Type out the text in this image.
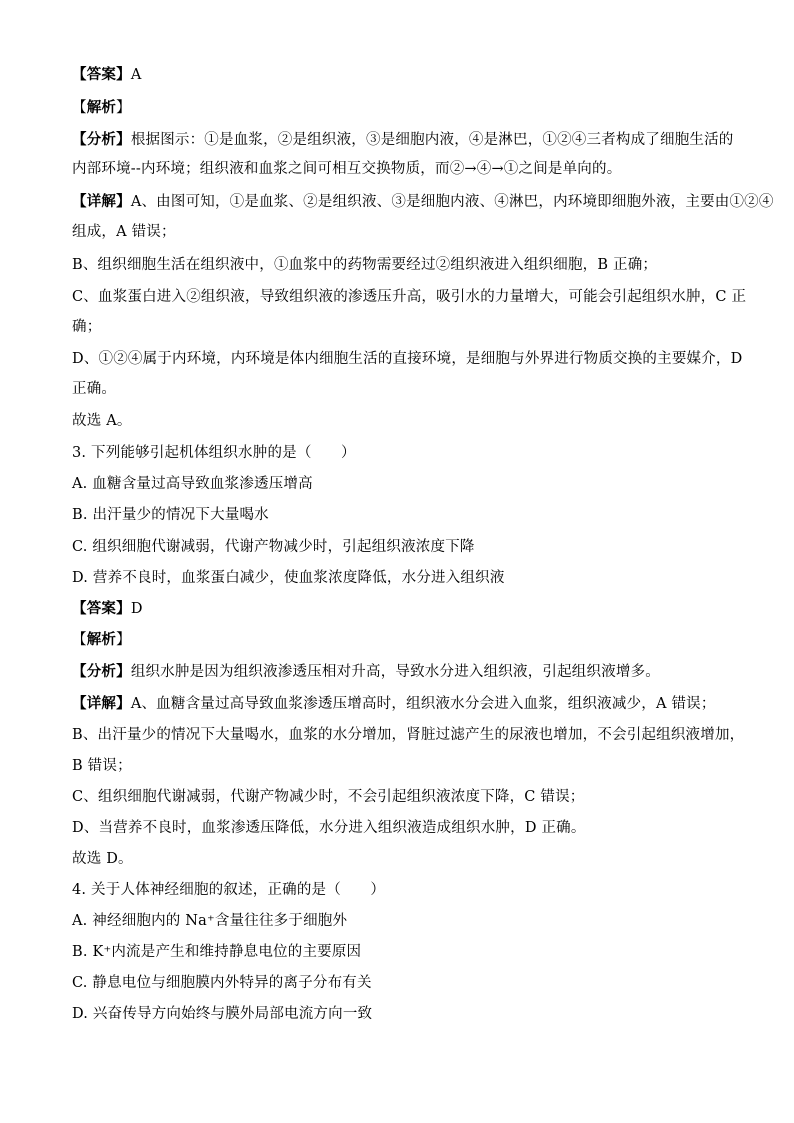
【答案】A
【解析】
【分析】根据图示：①是血浆，②是组织液，③是细胞内液，④是淋巴，①②④三者构成了细胞生活的
内部环境--内环境；组织液和血浆之间可相互交换物质，而②→④→①之间是单向的。
【详解】A、由图可知，①是血浆、②是组织液、③是细胞内液、④淋巴，内环境即细胞外液，主要由①②④
组成，A 错误；
B、组织细胞生活在组织液中，①血浆中的药物需要经过②组织液进入组织细胞，B 正确；
C、血浆蛋白进入②组织液，导致组织液的渗透压升高，吸引水的力量增大，可能会引起组织水肿，C 正
确；
D、①②④属于内环境，内环境是体内细胞生活的直接环境，是细胞与外界进行物质交换的主要媒介，D
正确。
故选 A。
3. 下列能够引起机体组织水肿的是（　　）
A. 血糖含量过高导致血浆渗透压增高
B. 出汗量少的情况下大量喝水
C. 组织细胞代谢减弱，代谢产物减少时，引起组织液浓度下降
D. 营养不良时，血浆蛋白减少，使血浆浓度降低，水分进入组织液
【答案】D
【解析】
【分析】组织水肿是因为组织液渗透压相对升高，导致水分进入组织液，引起组织液增多。
【详解】A、血糖含量过高导致血浆渗透压增高时，组织液水分会进入血浆，组织液减少，A 错误；
B、出汗量少的情况下大量喝水，血浆的水分增加，肾脏过滤产生的尿液也增加，不会引起组织液增加，
B 错误；
C、组织细胞代谢减弱，代谢产物减少时，不会引起组织液浓度下降，C 错误；
D、当营养不良时，血浆渗透压降低，水分进入组织液造成组织水肿，D 正确。
故选 D。
4. 关于人体神经细胞的叙述，正确的是（　　）
A. 神经细胞内的 Na⁺含量往往多于细胞外
B. K⁺内流是产生和维持静息电位的主要原因
C. 静息电位与细胞膜内外特异的离子分布有关
D. 兴奋传导方向始终与膜外局部电流方向一致
